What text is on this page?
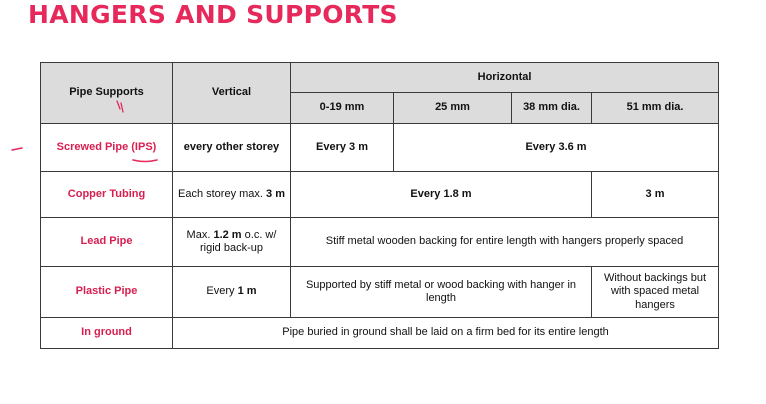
HANGERS AND SUPPORTS
Pipe Supports	Vertical	Horizontal			
		0-19 mm	25 mm	38 mm dia.	51 mm dia.
Screwed Pipe (IPS)	every other storey	Every 3 m	Every 3.6 m		
Copper Tubing	Each storey max. 3 m	Every 1.8 m			3 m
Lead Pipe	Max. 1.2 m o.c. w/ rigid back-up	Stiff metal wooden backing for entire length with hangers properly spaced			
Plastic Pipe	Every 1 m	Supported by stiff metal or wood backing with hanger in length			Without backings but with spaced metal hangers
In ground	Pipe buried in ground shall be laid on a firm bed for its entire length				
